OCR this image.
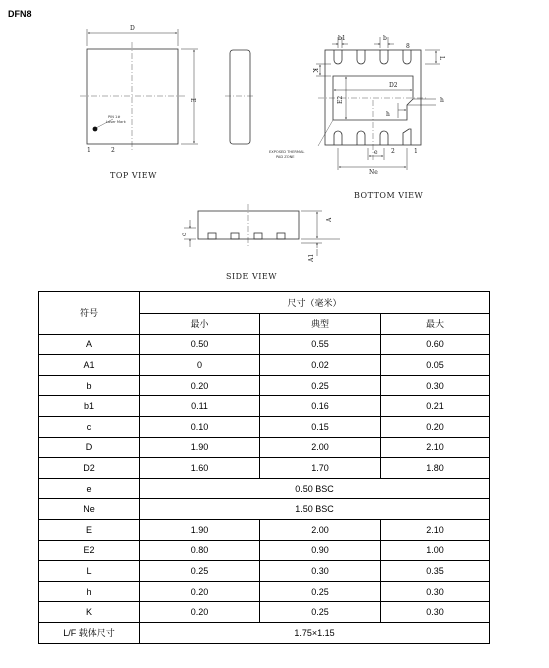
DFN8
D
E
PIN 1#
Laser Mark
1	2
TOP VIEW
b1	b
8
L
K
D2
E2	h
h
EXPOSED THERMAL
PAD ZONE
e
Ne
2	1
BOTTOM VIEW
c
A
A1
SIDE VIEW
符号	尺寸（毫米）		
	最小	典型	最大
A	0.50	0.55	0.60
A1	0	0.02	0.05
b	0.20	0.25	0.30
b1	0.11	0.16	0.21
c	0.10	0.15	0.20
D	1.90	2.00	2.10
D2	1.60	1.70	1.80
e	0.50 BSC		
Ne	1.50 BSC		
E	1.90	2.00	2.10
E2	0.80	0.90	1.00
L	0.25	0.30	0.35
h	0.20	0.25	0.30
K	0.20	0.25	0.30
L/F 载体尺寸	1.75×1.15		
